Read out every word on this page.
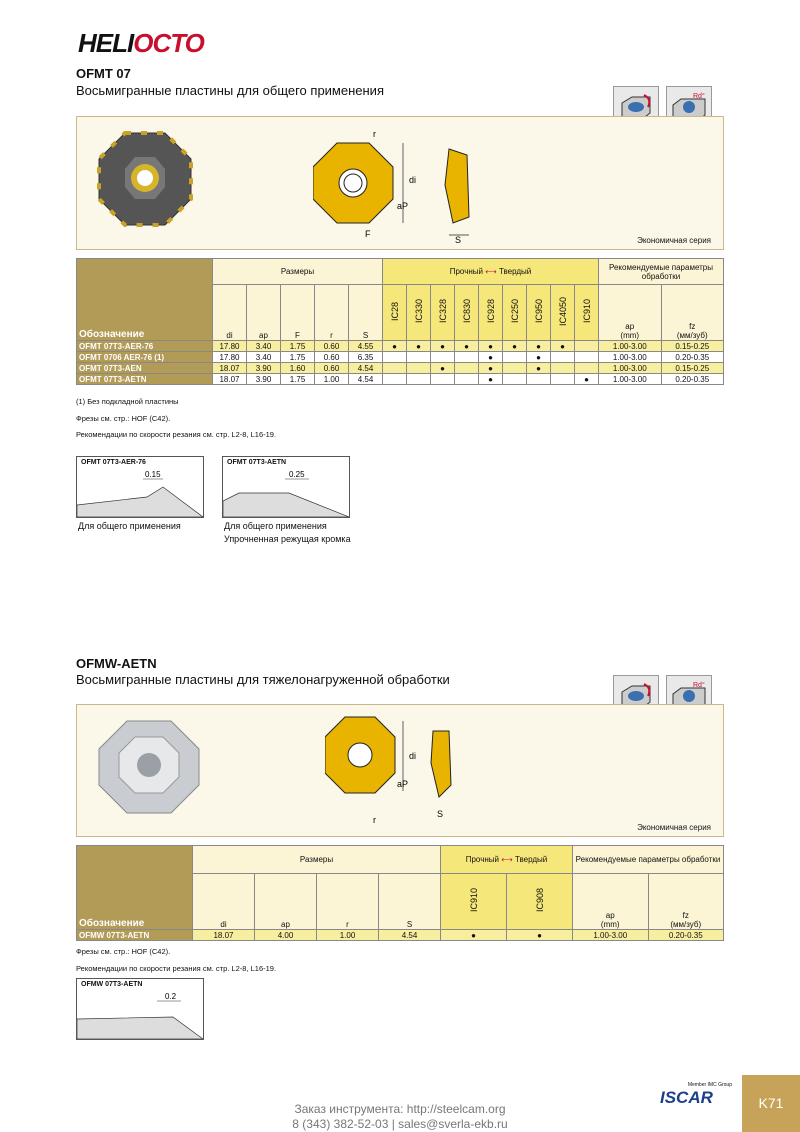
HELIOCTO
OFMT 07
Восьмигранные пластины для общего применения	Rd°
di
r
aP
F
S	Экономичная серия
Обозначение	Размеры					Прочный ⟷ Твердый									Рекомендуемые параметры обработки	
	di	ap	F	r	S	IC28	IC330	IC328	IC830	IC928	IC250	IC950	IC4050	IC910	ap
(mm)	fz
(мм/зуб)
OFMT 07T3-AER-76	17.80	3.40	1.75	0.60	4.55	●	●	●	●	●	●	●	●		1.00-3.00	0.15-0.25
OFMT 0706 AER-76 (1)	17.80	3.40	1.75	0.60	6.35					●		●			1.00-3.00	0.20-0.35
OFMT 07T3-AEN	18.07	3.90	1.60	0.60	4.54			●		●		●			1.00-3.00	0.15-0.25
OFMT 07T3-AETN	18.07	3.90	1.75	1.00	4.54					●				●	1.00-3.00	0.20-0.35
(1) Без подкладной пластины
Фрезы см. стр.: HOF (C42).
Рекомендации по скорости резания см. стр. L2-8, L16-19.
OFMT 07T3-AER-76
0.15
Для общего применения
OFMT 07T3-AETN
0.25
Для общего применения
Упрочненная режущая кромка
OFMW-AETN
Восьмигранные пластины для тяжелонагруженной обработки	Rd°
di
aP
r
S
Экономичная серия
Обозначение	Размеры				Прочный ⟷ Твердый		Рекомендуемые параметры обработки	
	di	ap	r	S	IC910	IC908	ap
(mm)	fz
(мм/зуб)
OFMW 07T3-AETN	18.07	4.00	1.00	4.54	●	●	1.00-3.00	0.20-0.35
Фрезы см. стр.: HOF (C42).
Рекомендации по скорости резания см. стр. L2-8, L16-19.
OFMW 07T3-AETN
0.2
Заказ инструмента: http://steelcam.org
8 (343) 382-52-03 | sales@sverla-ekb.ru
Member IMC Group
ISCAR	K71
